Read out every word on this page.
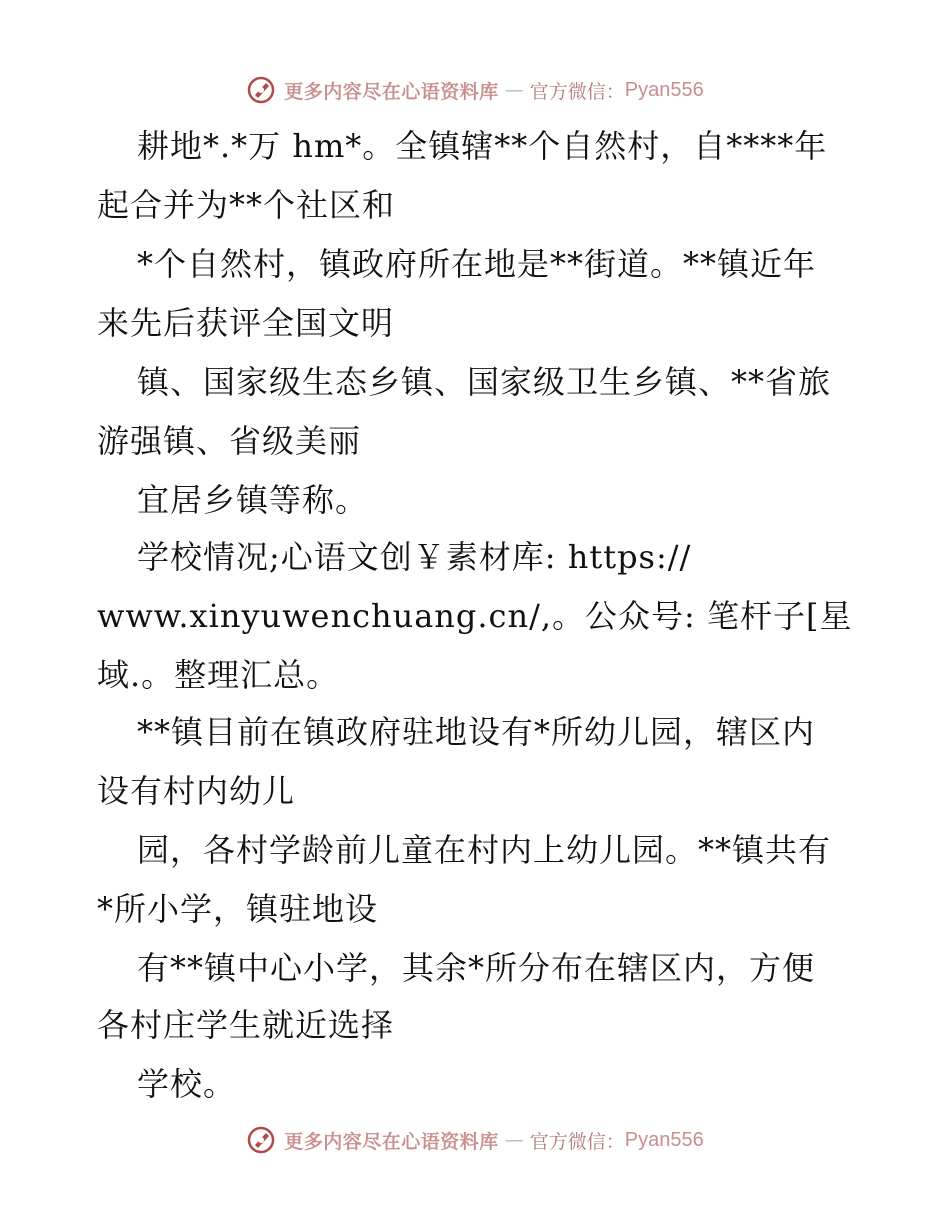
更多内容尽在心语资料库 — 官方微信： Pyan556
耕地*.*万 hm*。全镇辖**个自然村，自****年
起合并为**个社区和
*个自然村，镇政府所在地是**街道。**镇近年
来先后获评全国文明
镇、国家级生态乡镇、国家级卫生乡镇、**省旅
游强镇、省级美丽
宜居乡镇等称。
学校情况;心语文创￥素材库: https://
www.xinyuwenchuang.cn/,。公众号: 笔杆子[星
域.。整理汇总。
**镇目前在镇政府驻地设有*所幼儿园，辖区内
设有村内幼儿
园，各村学龄前儿童在村内上幼儿园。**镇共有
*所小学，镇驻地设
有**镇中心小学，其余*所分布在辖区内，方便
各村庄学生就近选择
学校。
更多内容尽在心语资料库 — 官方微信： Pyan556
